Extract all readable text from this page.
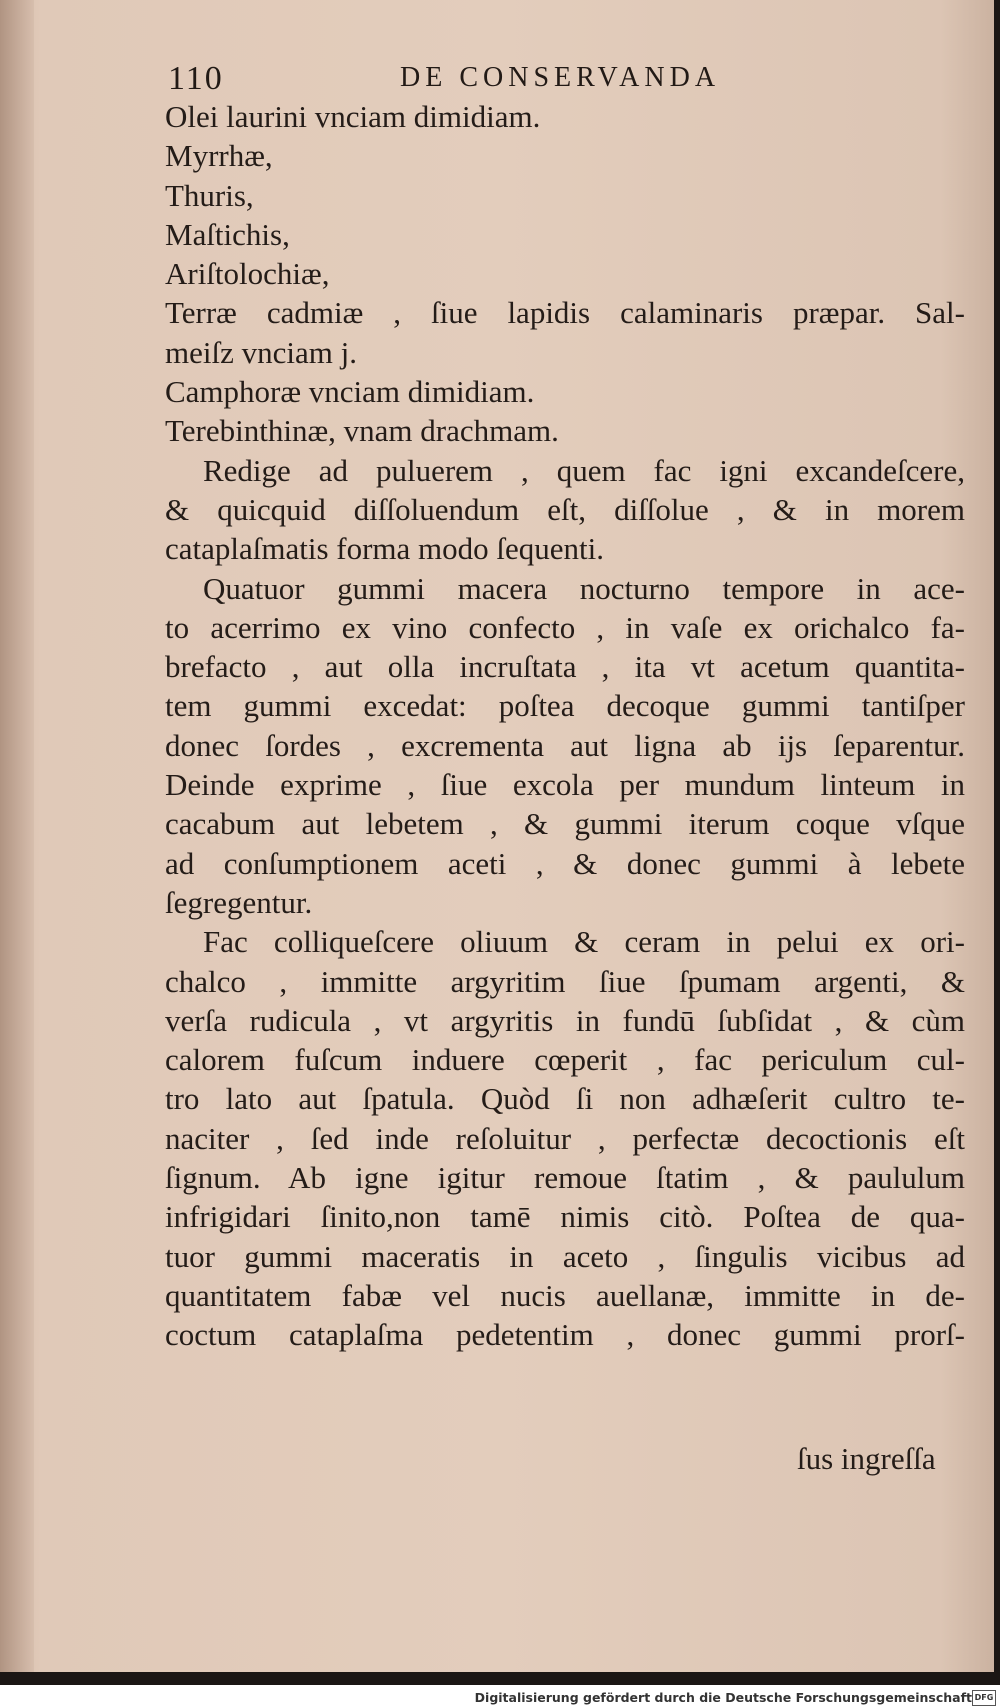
110	DE CONSERVANDA
Olei laurini vnciam dimidiam.
Myrrhæ,
Thuris,
Maſtichis,
Ariſtolochiæ,
Terræ cadmiæ , ſiue lapidis calaminaris præpar. Sal-
meiſz vnciam j.
Camphoræ vnciam dimidiam.
Terebinthinæ, vnam drachmam.
Redige ad puluerem , quem fac igni excandeſcere,
& quicquid diſſoluendum eſt, diſſolue , & in morem
cataplaſmatis forma modo ſequenti.
Quatuor gummi macera nocturno tempore in ace-
to acerrimo ex vino confecto , in vaſe ex orichalco fa-
brefacto , aut olla incruſtata , ita vt acetum quantita-
tem gummi excedat: poſtea decoque gummi tantiſper
donec ſordes , excrementa aut ligna ab ijs ſeparentur.
Deinde exprime , ſiue excola per mundum linteum in
cacabum aut lebetem , & gummi iterum coque vſque
ad conſumptionem aceti , & donec gummi à lebete
ſegregentur.
Fac colliqueſcere oliuum & ceram in pelui ex ori-
chalco , immitte argyritim ſiue ſpumam argenti, &
verſa rudicula , vt argyritis in fundū ſubſidat , & cùm
calorem fuſcum induere cœperit , fac periculum cul-
tro lato aut ſpatula. Quòd ſi non adhæſerit cultro te-
naciter , ſed inde reſoluitur , perfectæ decoctionis eſt
ſignum. Ab igne igitur remoue ſtatim , & paululum
infrigidari ſinito,non tamē nimis citò. Poſtea de qua-
tuor gummi maceratis in aceto , ſingulis vicibus ad
quantitatem fabæ vel nucis auellanæ, immitte in de-
coctum cataplaſma pedetentim , donec gummi prorſ-
ſus ingreſſa
Digitalisierung gefördert durch die Deutsche Forschungsgemeinschaft DFG
